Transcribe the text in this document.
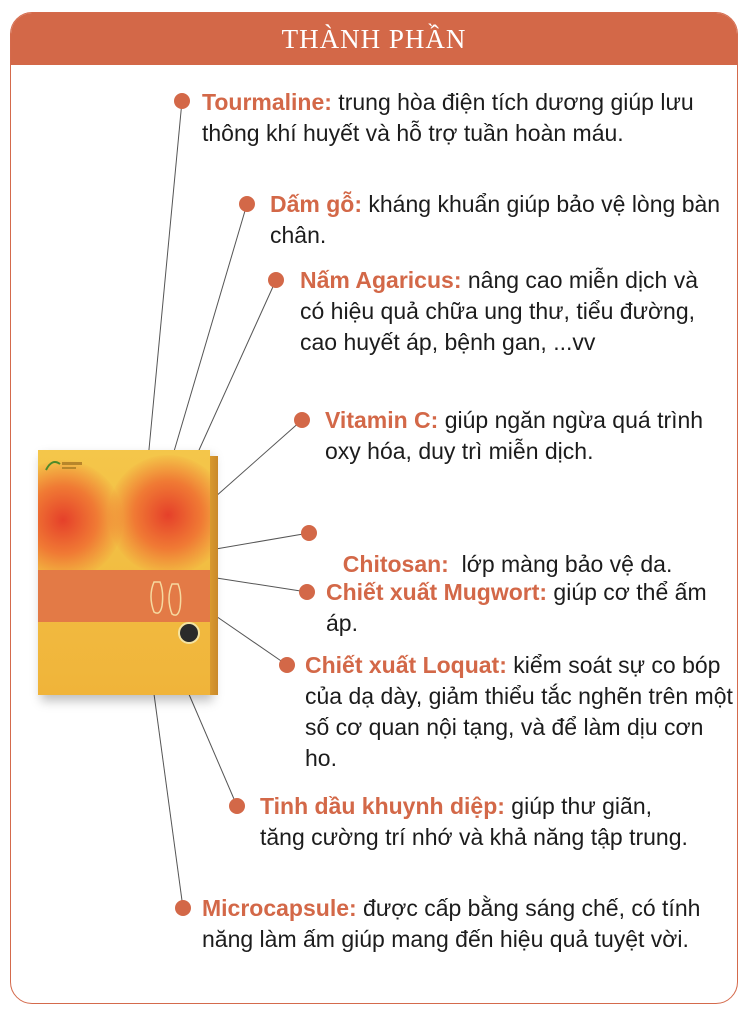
THÀNH PHẦN
Tourmaline: trung hòa điện tích dương giúp lưu thông khí huyết và hỗ trợ tuần hoàn máu.
Dấm gỗ: kháng khuẩn giúp bảo vệ lòng bàn chân.
Nấm Agaricus: nâng cao miễn dịch và có hiệu quả chữa ung thư, tiểu đường, cao huyết áp, bệnh gan, ...vv
Vitamin C: giúp ngăn ngừa quá trình oxy hóa, duy trì miễn dịch.

Chitosan:  lớp màng bảo vệ da.

Chiết xuất Mugwort: giúp cơ thể ấm áp.
Chiết xuất Loquat: kiểm soát sự co bóp của dạ dày, giảm thiểu tắc nghẽn trên một số cơ quan nội tạng, và để làm dịu cơn ho.
Tinh dầu khuynh diệp: giúp thư giãn, tăng cường trí nhớ và khả năng tập trung.
Microcapsule: được cấp bằng sáng chế, có tính năng làm ấm giúp mang đến hiệu quả tuyệt vời.
